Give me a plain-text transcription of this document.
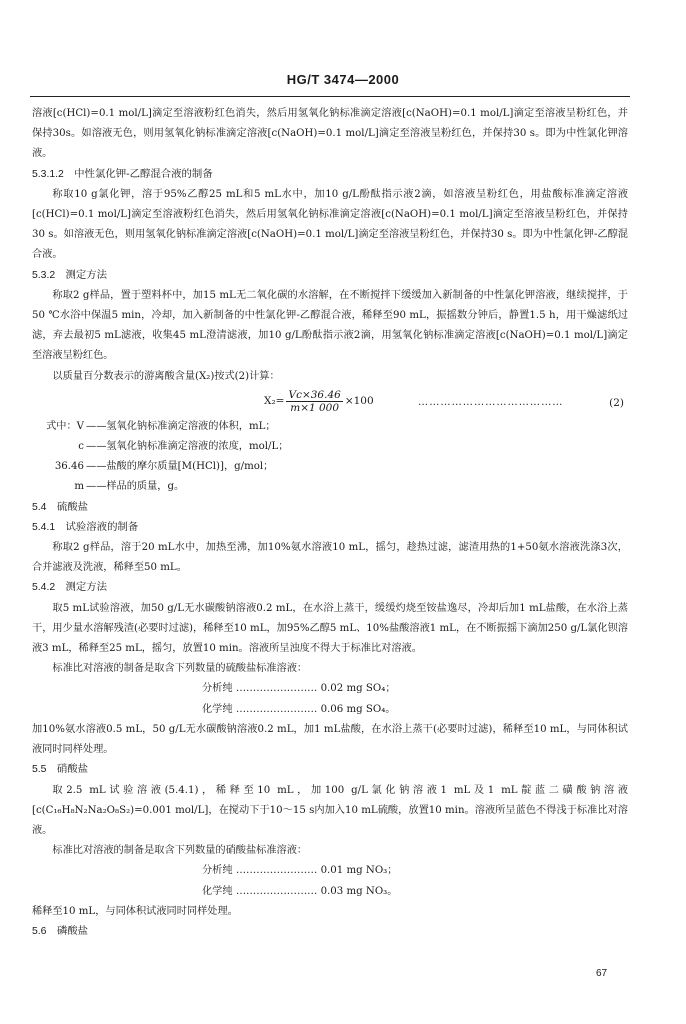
HG/T 3474—2000

溶液[c(HCl)=0.1 mol/L]滴定至溶液粉红色消失，然后用氢氧化钠标准滴定溶液[c(NaOH)=0.1 mol/L]滴定至溶液呈粉红色，并保持30s。如溶液无色，则用氢氧化钠标准滴定溶液[c(NaOH)=0.1 mol/L]滴定至溶液呈粉红色，并保持30 s。即为中性氯化钾溶液。

5.3.1.2　中性氯化钾-乙醇混合液的制备

称取10 g氯化钾，溶于95%乙醇25 mL和5 mL水中，加10 g/L酚酞指示液2滴，如溶液呈粉红色，用盐酸标准滴定溶液[c(HCl)=0.1 mol/L]滴定至溶液粉红色消失，然后用氢氧化钠标准滴定溶液[c(NaOH)=0.1 mol/L]滴定至溶液呈粉红色，并保持30 s。如溶液无色，则用氢氧化钠标准滴定溶液[c(NaOH)=0.1 mol/L]滴定至溶液呈粉红色，并保持30 s。即为中性氯化钾-乙醇混合液。

5.3.2　测定方法

称取2 g样品，置于塑料杯中，加15 mL无二氧化碳的水溶解，在不断搅拌下缓缓加入新制备的中性氯化钾溶液，继续搅拌，于50 ℃水浴中保温5 min，冷却，加入新制备的中性氯化钾-乙醇混合液，稀释至90 mL，振摇数分钟后，静置1.5 h，用干燥滤纸过滤，弃去最初5 mL滤液，收集45 mL澄清滤液，加10 g/L酚酞指示液2滴，用氢氧化钠标准滴定溶液[c(NaOH)=0.1 mol/L]滴定至溶液呈粉红色。

以质量百分数表示的游离酸含量(X₂)按式(2)计算：

$X_2= \frac{Vc\times 36.46}{m\times 1 000} \times 100$	…………………………………	(2)
式中：V ——氢氧化钠标准滴定溶液的体积，mL；
c ——氢氧化钠标准滴定溶液的浓度，mol/L；
36.46 ——盐酸的摩尔质量[M(HCl)]，g/mol；
m ——样品的质量，g。

5.4　硫酸盐

5.4.1　试验溶液的制备

称取2 g样品，溶于20 mL水中，加热至沸，加10%氨水溶液10 mL，摇匀，趁热过滤，滤渣用热的1+50氨水溶液洗涤3次，合并滤液及洗液，稀释至50 mL。

5.4.2　测定方法

取5 mL试验溶液，加50 g/L无水碳酸钠溶液0.2 mL，在水浴上蒸干，缓缓灼烧至铵盐逸尽，冷却后加1 mL盐酸，在水浴上蒸干，用少量水溶解残渣(必要时过滤)，稀释至10 mL，加95%乙醇5 mL、10%盐酸溶液1 mL，在不断振摇下滴加250 g/L氯化钡溶液3 mL，稀释至25 mL，摇匀，放置10 min。溶液所呈浊度不得大于标准比对溶液。

标准比对溶液的制备是取含下列数量的硫酸盐标准溶液：

分析纯 …………………… 0.02 mg SO₄；
化学纯 …………………… 0.06 mg SO₄。

加10%氨水溶液0.5 mL，50 g/L无水碳酸钠溶液0.2 mL，加1 mL盐酸，在水浴上蒸干(必要时过滤)，稀释至10 mL，与同体积试液同时同样处理。

5.5　硝酸盐

取2.5 mL试验溶液(5.4.1)，稀释至10 mL，加100 g/L氯化钠溶液1 mL及1 mL靛蓝二磺酸钠溶液[c(C₁₆H₈N₂Na₂O₈S₂)=0.001 mol/L]，在搅动下于10～15 s内加入10 mL硫酸，放置10 min。溶液所呈蓝色不得浅于标准比对溶液。

标准比对溶液的制备是取含下列数量的硝酸盐标准溶液：

分析纯 …………………… 0.01 mg NO₃；
化学纯 …………………… 0.03 mg NO₃。

稀释至10 mL，与同体积试液同时同样处理。

5.6　磷酸盐

67
